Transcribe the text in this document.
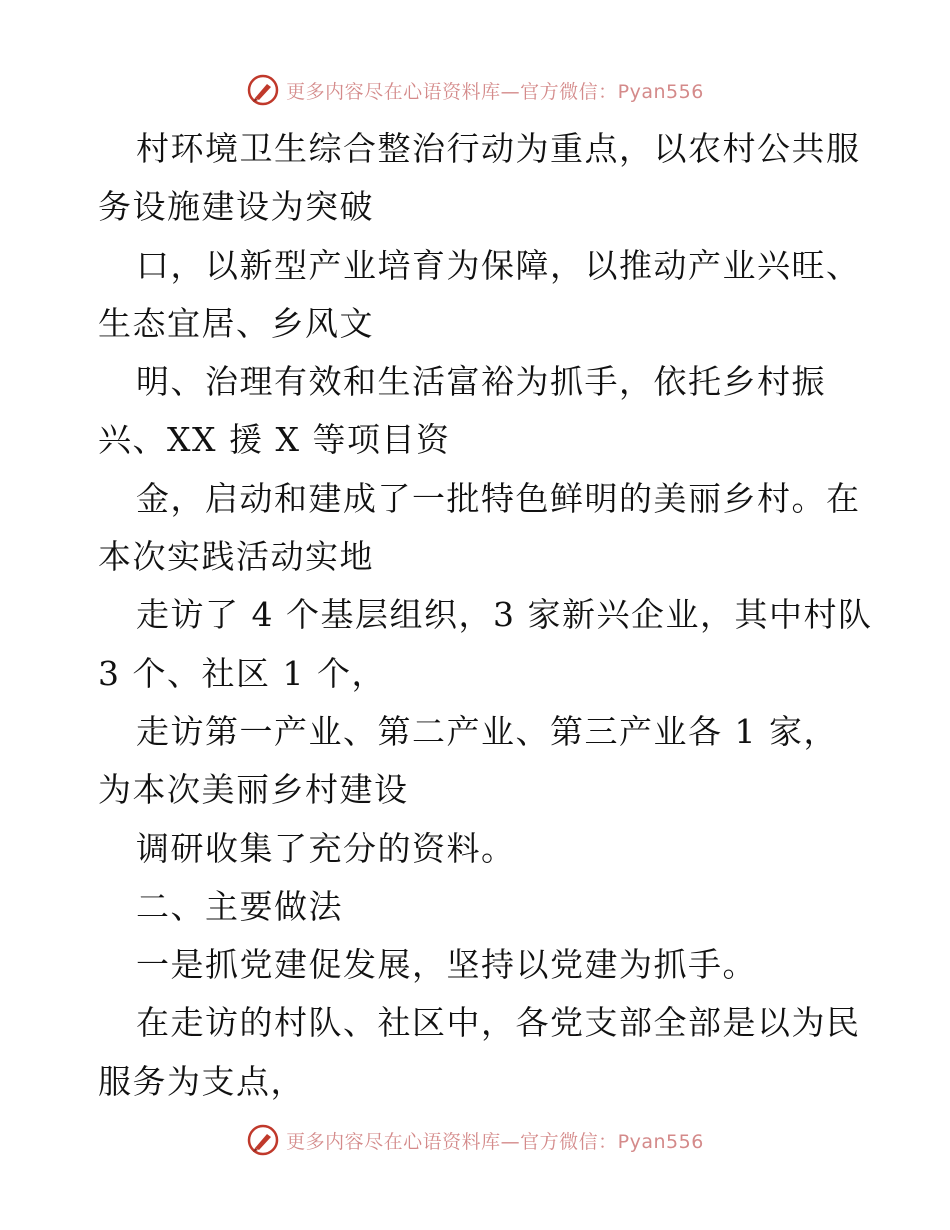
更多内容尽在心语资料库—官方微信：Pyan556
村环境卫生综合整治行动为重点，以农村公共服
务设施建设为突破
口，以新型产业培育为保障，以推动产业兴旺、
生态宜居、乡风文
明、治理有效和生活富裕为抓手，依托乡村振
兴、XX 援 X 等项目资
金，启动和建成了一批特色鲜明的美丽乡村。在
本次实践活动实地
走访了 4 个基层组织，3 家新兴企业，其中村队
3 个、社区 1 个，
走访第一产业、第二产业、第三产业各 1 家，
为本次美丽乡村建设
调研收集了充分的资料。
二、主要做法
一是抓党建促发展，坚持以党建为抓手。
在走访的村队、社区中，各党支部全部是以为民
服务为支点，
更多内容尽在心语资料库—官方微信：Pyan556
